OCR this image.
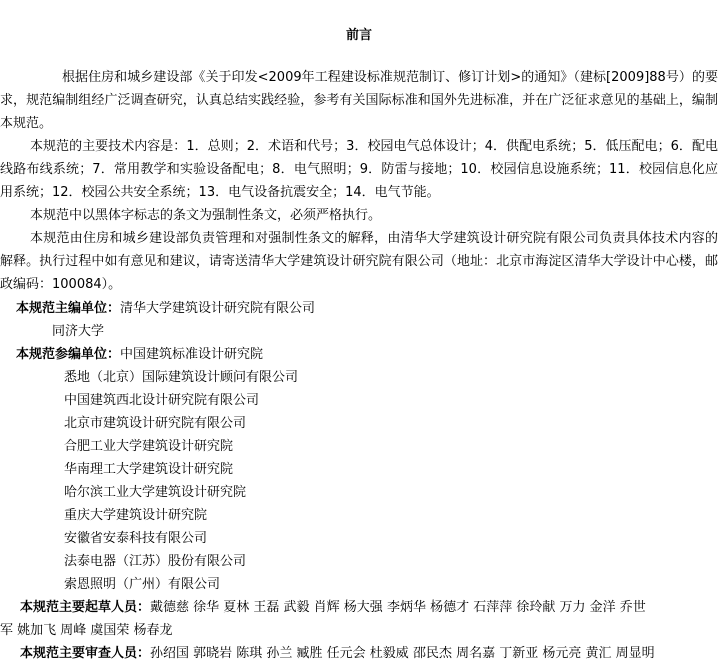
前言

根据住房和城乡建设部《关于印发<2009年工程建设标准规范制订、修订计划>的通知》（建标[2009]88号）的要求，规范编制组经广泛调查研究，认真总结实践经验，参考有关国际标准和国外先进标准，并在广泛征求意见的基础上，编制本规范。

本规范的主要技术内容是：1．总则；2．术语和代号；3．校园电气总体设计；4．供配电系统；5．低压配电；6．配电线路布线系统；7．常用教学和实验设备配电；8．电气照明；9．防雷与接地；10．校园信息设施系统；11．校园信息化应用系统；12．校园公共安全系统；13．电气设备抗震安全；14．电气节能。

本规范中以黑体字标志的条文为强制性条文，必须严格执行。

本规范由住房和城乡建设部负责管理和对强制性条文的解释，由清华大学建筑设计研究院有限公司负责具体技术内容的解释。执行过程中如有意见和建议，请寄送清华大学建筑设计研究院有限公司（地址：北京市海淀区清华大学设计中心楼，邮政编码：100084）。

本规范主编单位：清华大学建筑设计研究院有限公司
同济大学
本规范参编单位：中国建筑标准设计研究院
悉地（北京）国际建筑设计顾问有限公司
中国建筑西北设计研究院有限公司
北京市建筑设计研究院有限公司
合肥工业大学建筑设计研究院
华南理工大学建筑设计研究院
哈尔滨工业大学建筑设计研究院
重庆大学建筑设计研究院
安徽省安泰科技有限公司
法泰电器（江苏）股份有限公司
索恩照明（广州）有限公司
本规范主要起草人员：戴德慈 徐华 夏林 王磊 武毅 肖辉 杨大强 李炳华 杨德才 石萍萍 徐玲献 万力 金洋 乔世
军 姚加飞 周峰 虞国荣 杨春龙
本规范主要审查人员：孙绍国 郭晓岩 陈琪 孙兰 臧胜 任元会 杜毅威 邵民杰 周名嘉 丁新亚 杨元亮 黄汇 周显明
